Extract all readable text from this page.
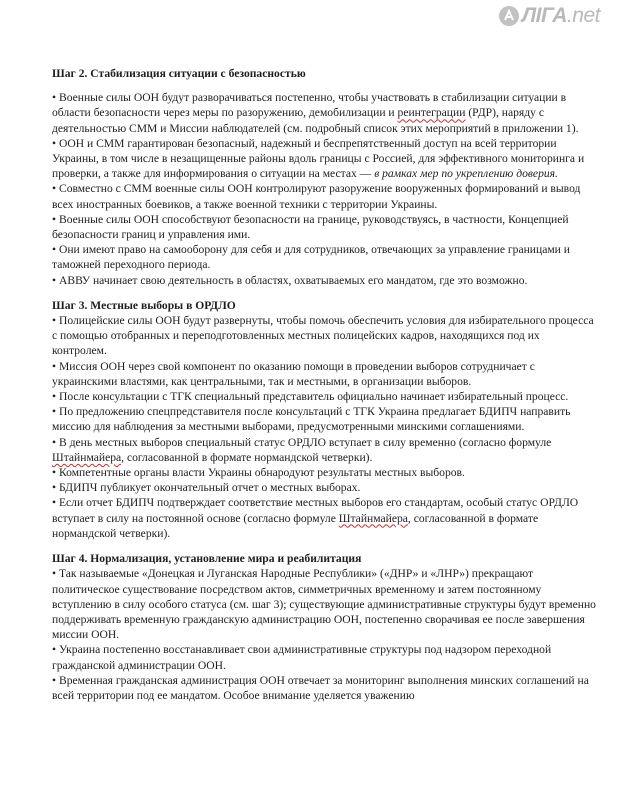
ЛIГА.net
Шаг 2. Стабилизация ситуации с безопасностью

• Военные силы ООН будут разворачиваться постепенно, чтобы участвовать в стабилизации ситуации в области безопасности через меры по разоружению, демобилизации и реинтеграции (РДР), наряду с деятельностью СММ и Миссии наблюдателей (см. подробный список этих мероприятий в приложении 1).

• ООН и СММ гарантирован безопасный, надежный и беспрепятственный доступ на всей территории Украины, в том числе в незащищенные районы вдоль границы с Россией, для эффективного мониторинга и проверки, а также для информирования о ситуации на местах — в рамках мер по укреплению доверия.

• Совместно с СММ военные силы ООН контролируют разоружение вооруженных формирований и вывод всех иностранных боевиков, а также военной техники с территории Украины.

• Военные силы ООН способствуют безопасности на границе, руководствуясь, в частности, Концепцией безопасности границ и управления ими.

• Они имеют право на самооборону для себя и для сотрудников, отвечающих за управление границами и таможней переходного периода.

• АВВУ начинает свою деятельность в областях, охватываемых его мандатом, где это возможно.

Шаг 3. Местные выборы в ОРДЛО

• Полицейские силы ООН будут развернуты, чтобы помочь обеспечить условия для избирательного процесса с помощью отобранных и переподготовленных местных полицейских кадров, находящихся под их контролем.

• Миссия ООН через свой компонент по оказанию помощи в проведении выборов сотрудничает с украинскими властями, как центральными, так и местными, в организации выборов.

• После консультации с ТГК специальный представитель официально начинает избирательный процесс.

• По предложению спецпредставителя после консультаций с ТГК Украина предлагает БДИПЧ направить миссию для наблюдения за местными выборами, предусмотренными минскими соглашениями.

• В день местных выборов специальный статус ОРДЛО вступает в силу временно (согласно формуле Штайнмайера, согласованной в формате нормандской четверки).

• Компетентные органы власти Украины обнародуют результаты местных выборов.

• БДИПЧ публикует окончательный отчет о местных выборах.

• Если отчет БДИПЧ подтверждает соответствие местных выборов его стандартам, особый статус ОРДЛО вступает в силу на постоянной основе (согласно формуле Штайнмайера, согласованной в формате нормандской четверки).

Шаг 4. Нормализация, установление мира и реабилитация

• Так называемые «Донецкая и Луганская Народные Республики» («ДНР» и «ЛНР») прекращают политическое существование посредством актов, симметричных временному и затем постоянному вступлению в силу особого статуса (см. шаг 3); существующие административные структуры будут временно поддерживать временную гражданскую администрацию ООН, постепенно сворачивая ее после завершения миссии ООН.

• Украина постепенно восстанавливает свои административные структуры под надзором переходной гражданской администрации ООН.

• Временная гражданская администрация ООН отвечает за мониторинг выполнения минских соглашений на всей территории под ее мандатом. Особое внимание уделяется уважению
